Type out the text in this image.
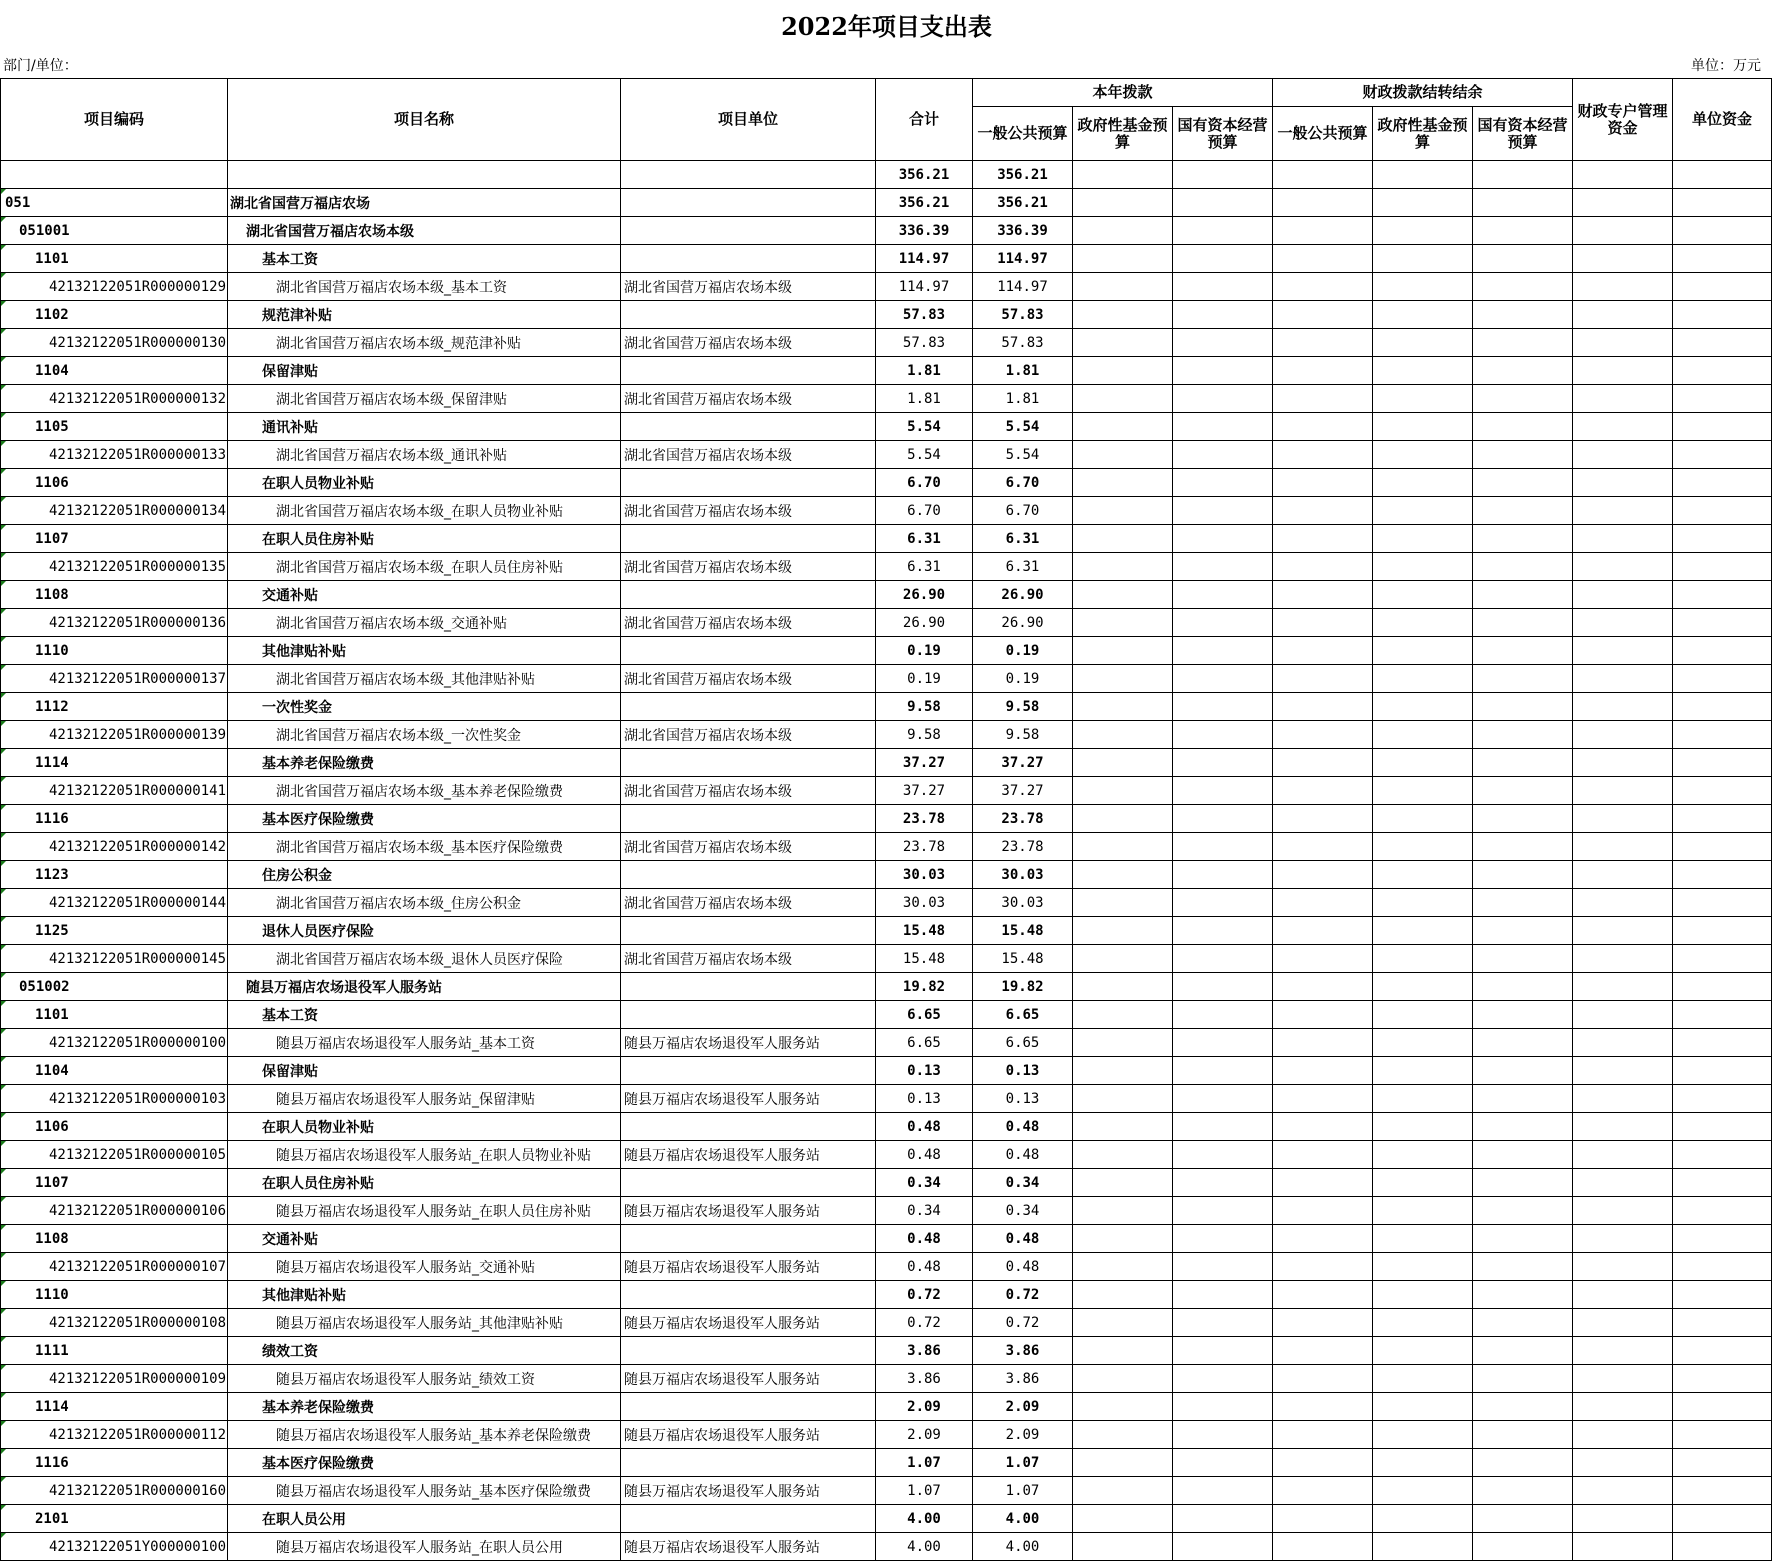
2022年项目支出表
部门/单位：	单位：万元
项目编码	项目名称	项目单位	合计	本年拨款			财政拨款结转结余			财政专户管理资金	单位资金
				一般公共预算	政府性基金预算	国有资本经营预算	一般公共预算	政府性基金预算	国有资本经营预算		
			356.21	356.21							

051	湖北省国营万福店农场		356.21	356.21							

051001	湖北省国营万福店农场本级		336.39	336.39							

1101	基本工资		114.97	114.97							

42132122051R000000129	湖北省国营万福店农场本级_基本工资	湖北省国营万福店农场本级	114.97	114.97							

1102	规范津补贴		57.83	57.83							

42132122051R000000130	湖北省国营万福店农场本级_规范津补贴	湖北省国营万福店农场本级	57.83	57.83							

1104	保留津贴		1.81	1.81							

42132122051R000000132	湖北省国营万福店农场本级_保留津贴	湖北省国营万福店农场本级	1.81	1.81							

1105	通讯补贴		5.54	5.54							

42132122051R000000133	湖北省国营万福店农场本级_通讯补贴	湖北省国营万福店农场本级	5.54	5.54							

1106	在职人员物业补贴		6.70	6.70							

42132122051R000000134	湖北省国营万福店农场本级_在职人员物业补贴	湖北省国营万福店农场本级	6.70	6.70							

1107	在职人员住房补贴		6.31	6.31							

42132122051R000000135	湖北省国营万福店农场本级_在职人员住房补贴	湖北省国营万福店农场本级	6.31	6.31							

1108	交通补贴		26.90	26.90							

42132122051R000000136	湖北省国营万福店农场本级_交通补贴	湖北省国营万福店农场本级	26.90	26.90							

1110	其他津贴补贴		0.19	0.19							

42132122051R000000137	湖北省国营万福店农场本级_其他津贴补贴	湖北省国营万福店农场本级	0.19	0.19							

1112	一次性奖金		9.58	9.58							

42132122051R000000139	湖北省国营万福店农场本级_一次性奖金	湖北省国营万福店农场本级	9.58	9.58							

1114	基本养老保险缴费		37.27	37.27							

42132122051R000000141	湖北省国营万福店农场本级_基本养老保险缴费	湖北省国营万福店农场本级	37.27	37.27							

1116	基本医疗保险缴费		23.78	23.78							

42132122051R000000142	湖北省国营万福店农场本级_基本医疗保险缴费	湖北省国营万福店农场本级	23.78	23.78							

1123	住房公积金		30.03	30.03							

42132122051R000000144	湖北省国营万福店农场本级_住房公积金	湖北省国营万福店农场本级	30.03	30.03							

1125	退休人员医疗保险		15.48	15.48							

42132122051R000000145	湖北省国营万福店农场本级_退休人员医疗保险	湖北省国营万福店农场本级	15.48	15.48							

051002	随县万福店农场退役军人服务站		19.82	19.82							

1101	基本工资		6.65	6.65							

42132122051R000000100	随县万福店农场退役军人服务站_基本工资	随县万福店农场退役军人服务站	6.65	6.65							

1104	保留津贴		0.13	0.13							

42132122051R000000103	随县万福店农场退役军人服务站_保留津贴	随县万福店农场退役军人服务站	0.13	0.13							

1106	在职人员物业补贴		0.48	0.48							

42132122051R000000105	随县万福店农场退役军人服务站_在职人员物业补贴	随县万福店农场退役军人服务站	0.48	0.48							

1107	在职人员住房补贴		0.34	0.34							

42132122051R000000106	随县万福店农场退役军人服务站_在职人员住房补贴	随县万福店农场退役军人服务站	0.34	0.34							

1108	交通补贴		0.48	0.48							

42132122051R000000107	随县万福店农场退役军人服务站_交通补贴	随县万福店农场退役军人服务站	0.48	0.48							

1110	其他津贴补贴		0.72	0.72							

42132122051R000000108	随县万福店农场退役军人服务站_其他津贴补贴	随县万福店农场退役军人服务站	0.72	0.72							

1111	绩效工资		3.86	3.86							

42132122051R000000109	随县万福店农场退役军人服务站_绩效工资	随县万福店农场退役军人服务站	3.86	3.86							

1114	基本养老保险缴费		2.09	2.09							

42132122051R000000112	随县万福店农场退役军人服务站_基本养老保险缴费	随县万福店农场退役军人服务站	2.09	2.09							

1116	基本医疗保险缴费		1.07	1.07							

42132122051R000000160	随县万福店农场退役军人服务站_基本医疗保险缴费	随县万福店农场退役军人服务站	1.07	1.07							

2101	在职人员公用		4.00	4.00							

42132122051Y000000100	随县万福店农场退役军人服务站_在职人员公用	随县万福店农场退役军人服务站	4.00	4.00							
